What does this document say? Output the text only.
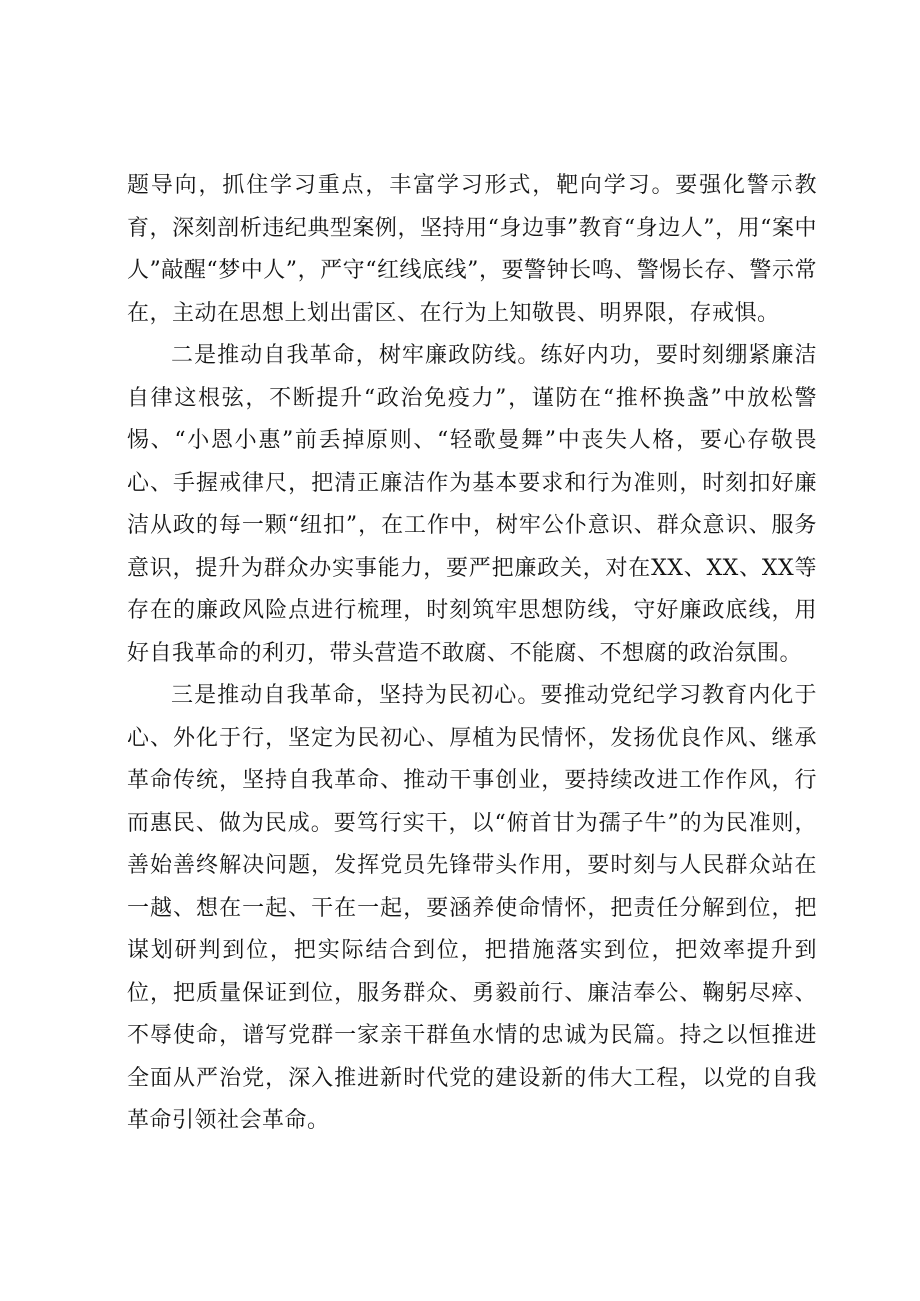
题导向，抓住学习重点，丰富学习形式，靶向学习。要强化警示教育，深刻剖析违纪典型案例，坚持用“身边事”教育“身边人”，用“案中人”敲醒“梦中人”，严守“红线底线”，要警钟长鸣、警惕长存、警示常在，主动在思想上划出雷区、在行为上知敬畏、明界限，存戒惧。

二是推动自我革命，树牢廉政防线。练好内功，要时刻绷紧廉洁自律这根弦，不断提升“政治免疫力”，谨防在“推杯换盏”中放松警惕、“小恩小惠”前丢掉原则、“轻歌曼舞”中丧失人格，要心存敬畏心、手握戒律尺，把清正廉洁作为基本要求和行为准则，时刻扣好廉洁从政的每一颗“纽扣”，在工作中，树牢公仆意识、群众意识、服务意识，提升为群众办实事能力，要严把廉政关，对在XX、XX、XX等存在的廉政风险点进行梳理，时刻筑牢思想防线，守好廉政底线，用好自我革命的利刃，带头营造不敢腐、不能腐、不想腐的政治氛围。

三是推动自我革命，坚持为民初心。要推动党纪学习教育内化于心、外化于行，坚定为民初心、厚植为民情怀，发扬优良作风、继承革命传统，坚持自我革命、推动干事创业，要持续改进工作作风，行而惠民、做为民成。要笃行实干，以“俯首甘为孺子牛”的为民准则，善始善终解决问题，发挥党员先锋带头作用，要时刻与人民群众站在一越、想在一起、干在一起，要涵养使命情怀，把责任分解到位，把谋划研判到位，把实际结合到位，把措施落实到位，把效率提升到位，把质量保证到位，服务群众、勇毅前行、廉洁奉公、鞠躬尽瘁、不辱使命，谱写党群一家亲干群鱼水情的忠诚为民篇。持之以恒推进全面从严治党，深入推进新时代党的建设新的伟大工程，以党的自我革命引领社会革命。
